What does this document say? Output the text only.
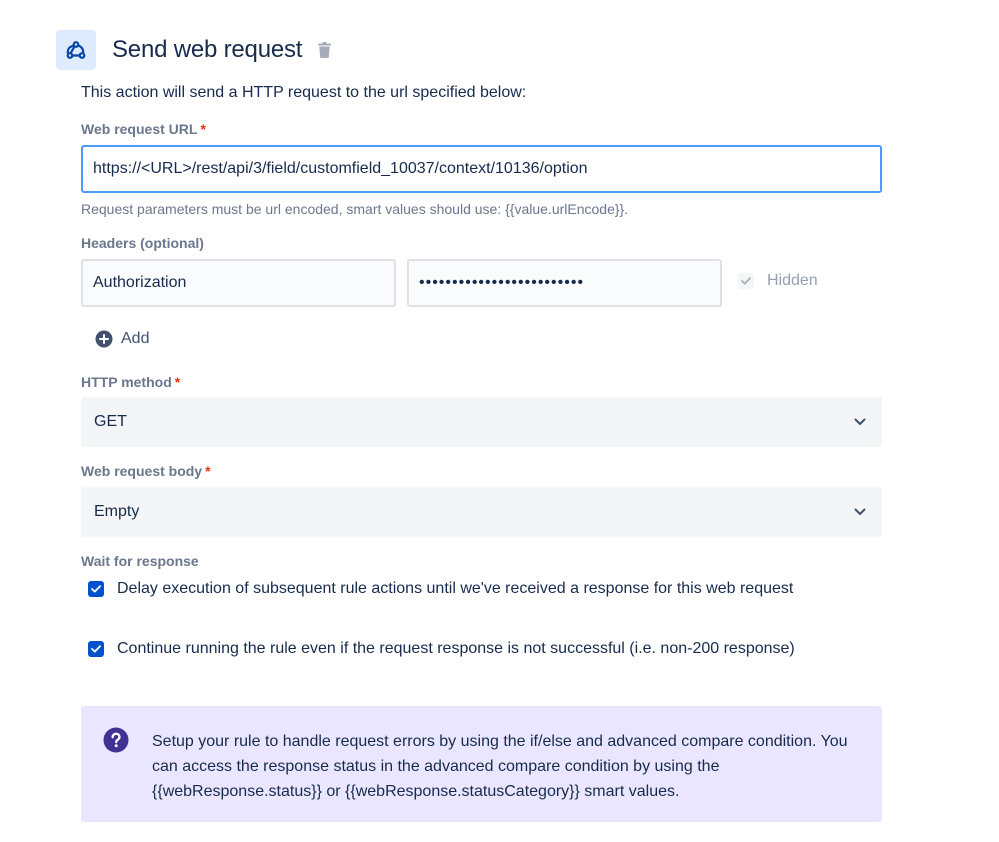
Send web request

This action will send a HTTP request to the url specified below:

Web request URL *
https://<URL>/rest/api/3/field/customfield_10037/context/10136/option

Request parameters must be url encoded, smart values should use: {{value.urlEncode}}.

Headers (optional)
Authorization
•••••••••••••••••••••••••
Hidden
Add
HTTP method *
GET
Web request body *
Empty
Wait for response
Delay execution of subsequent rule actions until we've received a response for this web request
Continue running the rule even if the request response is not successful (i.e. non-200 response)

Setup your rule to handle request errors by using the if/else and advanced compare condition. You can access the response status in the advanced compare condition by using the {{webResponse.status}} or {{webResponse.statusCategory}} smart values.
